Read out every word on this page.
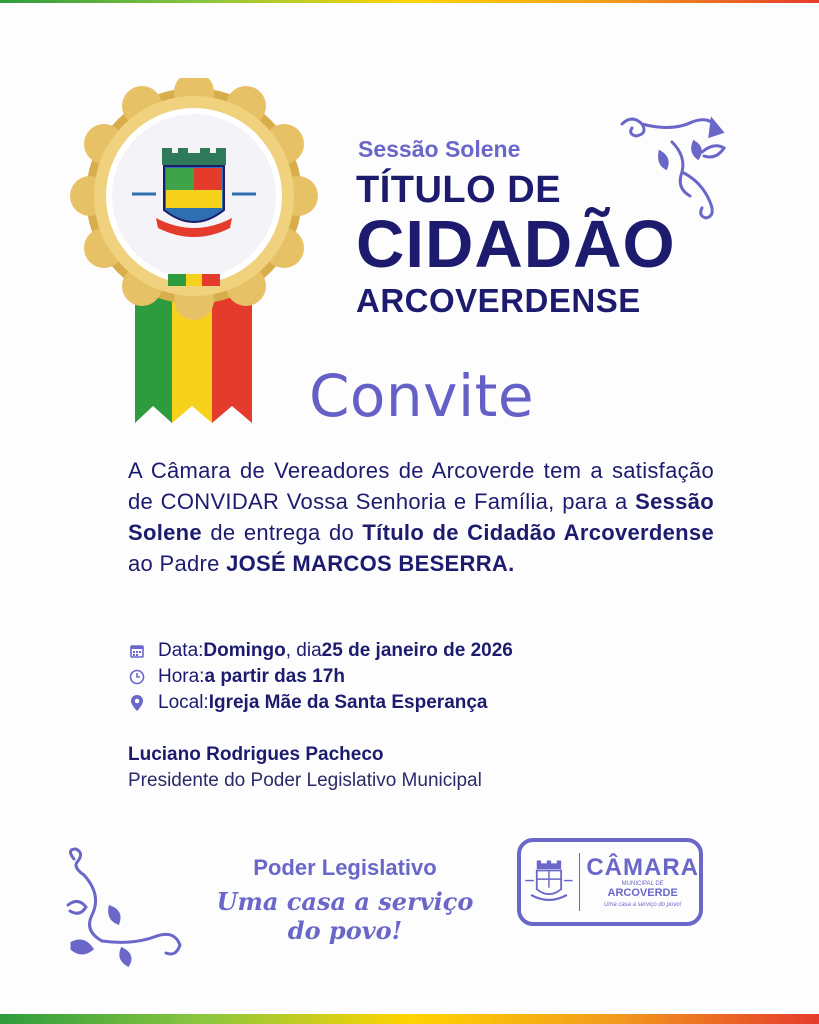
Sessão Solene
TÍTULO DE
CIDADÃO
ARCOVERDENSE
Convite
A Câmara de Vereadores de Arcoverde tem a satisfação de CONVIDAR Vossa Senhoria e Família, para a Sessão Solene de entrega do Título de Cidadão Arcoverdense ao Padre JOSÉ MARCOS BESERRA.
Data: Domingo , dia 25 de janeiro de 2026
Hora: a partir das 17h
Local: Igreja Mãe da Santa Esperança
Luciano Rodrigues Pacheco
Presidente do Poder Legislativo Municipal
Poder Legislativo
Uma casa a serviço do povo!
CÂMARA
MUNICIPAL DE
ARCOVERDE
Uma casa a serviço do povo!
